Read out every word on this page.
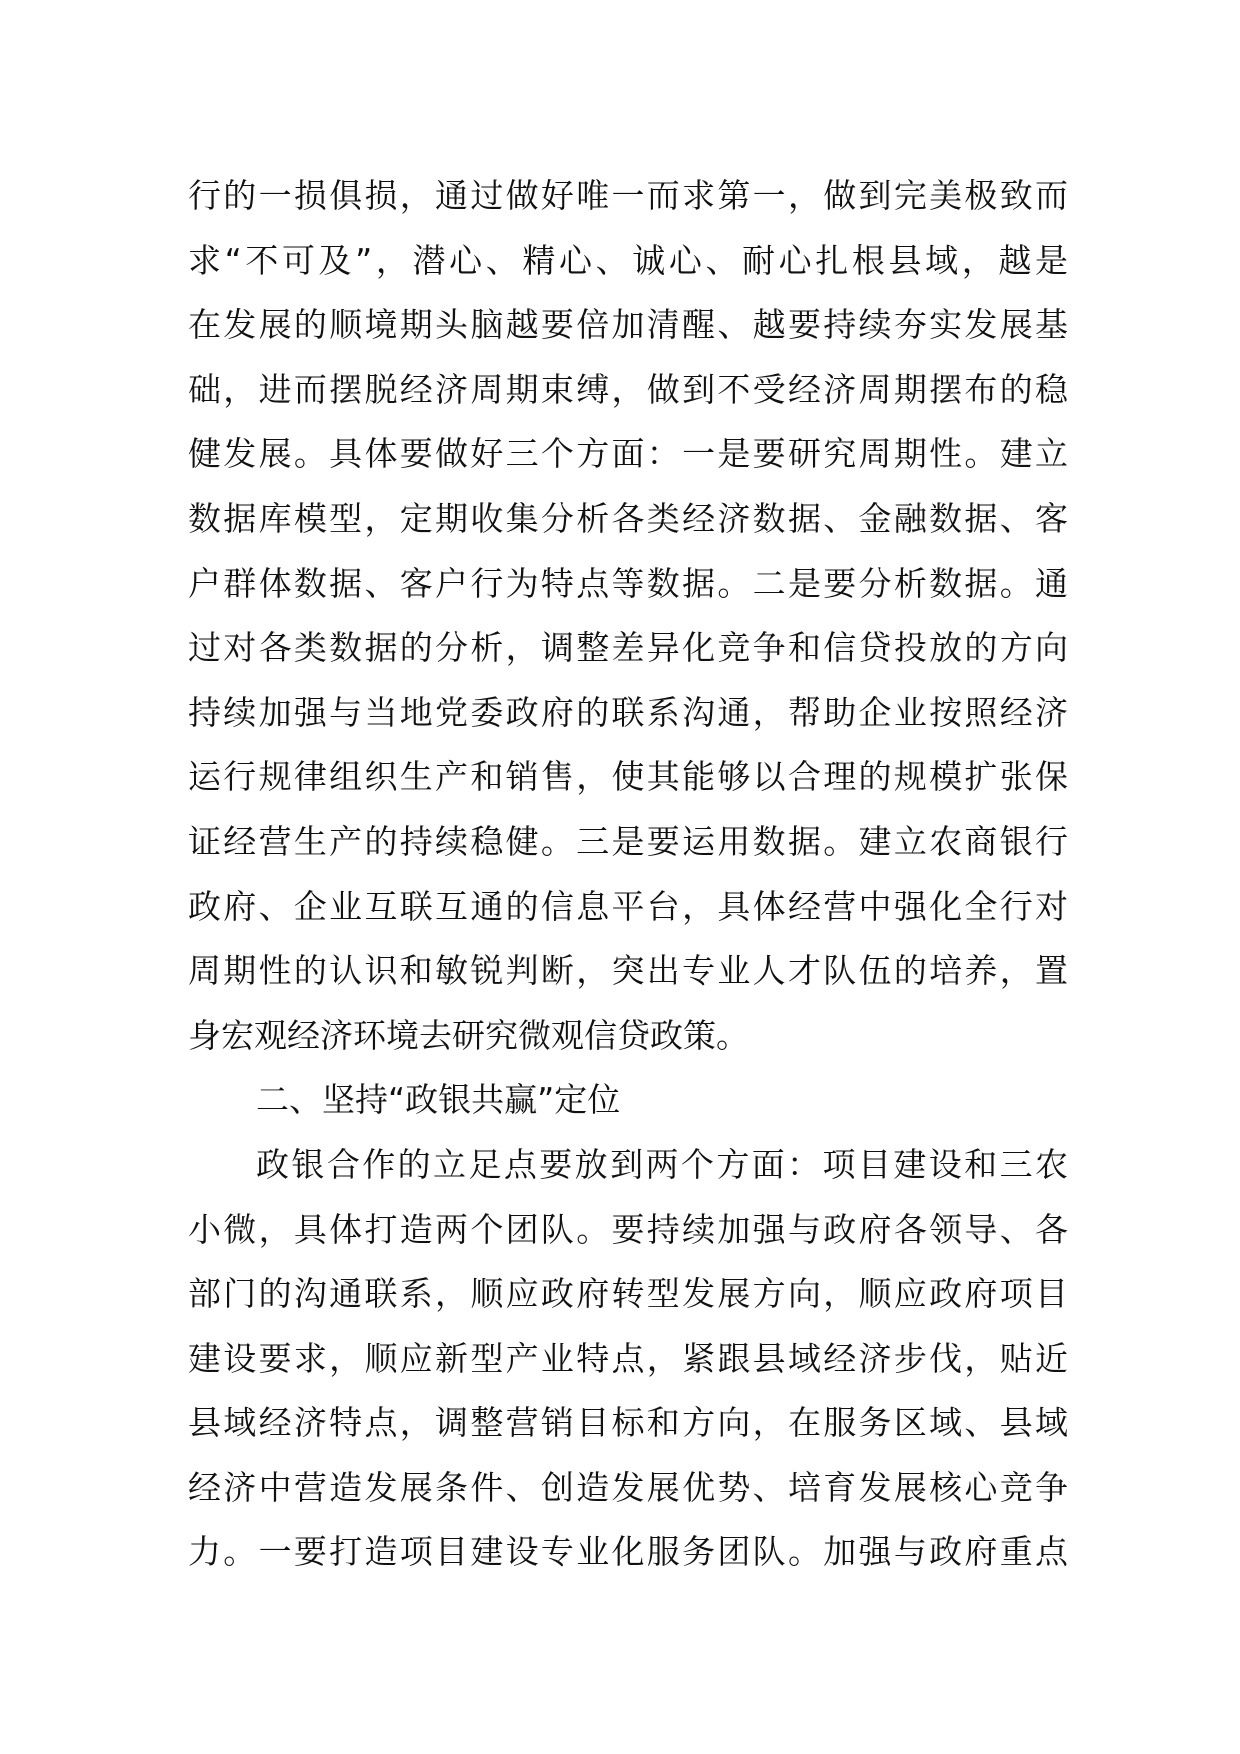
行的一损俱损，通过做好唯一而求第一，做到完美极致而
求“不可及”，潜心、精心、诚心、耐心扎根县域，越是
在发展的顺境期头脑越要倍加清醒、越要持续夯实发展基
础，进而摆脱经济周期束缚，做到不受经济周期摆布的稳
健发展。具体要做好三个方面：一是要研究周期性。建立
数据库模型，定期收集分析各类经济数据、金融数据、客
户群体数据、客户行为特点等数据。二是要分析数据。通
过对各类数据的分析，调整差异化竞争和信贷投放的方向
持续加强与当地党委政府的联系沟通，帮助企业按照经济
运行规律组织生产和销售，使其能够以合理的规模扩张保
证经营生产的持续稳健。三是要运用数据。建立农商银行
政府、企业互联互通的信息平台，具体经营中强化全行对
周期性的认识和敏锐判断，突出专业人才队伍的培养，置
身宏观经济环境去研究微观信贷政策。
二、坚持“政银共赢”定位
政银合作的立足点要放到两个方面：项目建设和三农
小微，具体打造两个团队。要持续加强与政府各领导、各
部门的沟通联系，顺应政府转型发展方向，顺应政府项目
建设要求，顺应新型产业特点，紧跟县域经济步伐，贴近
县域经济特点，调整营销目标和方向，在服务区域、县域
经济中营造发展条件、创造发展优势、培育发展核心竞争
力。一要打造项目建设专业化服务团队。加强与政府重点
